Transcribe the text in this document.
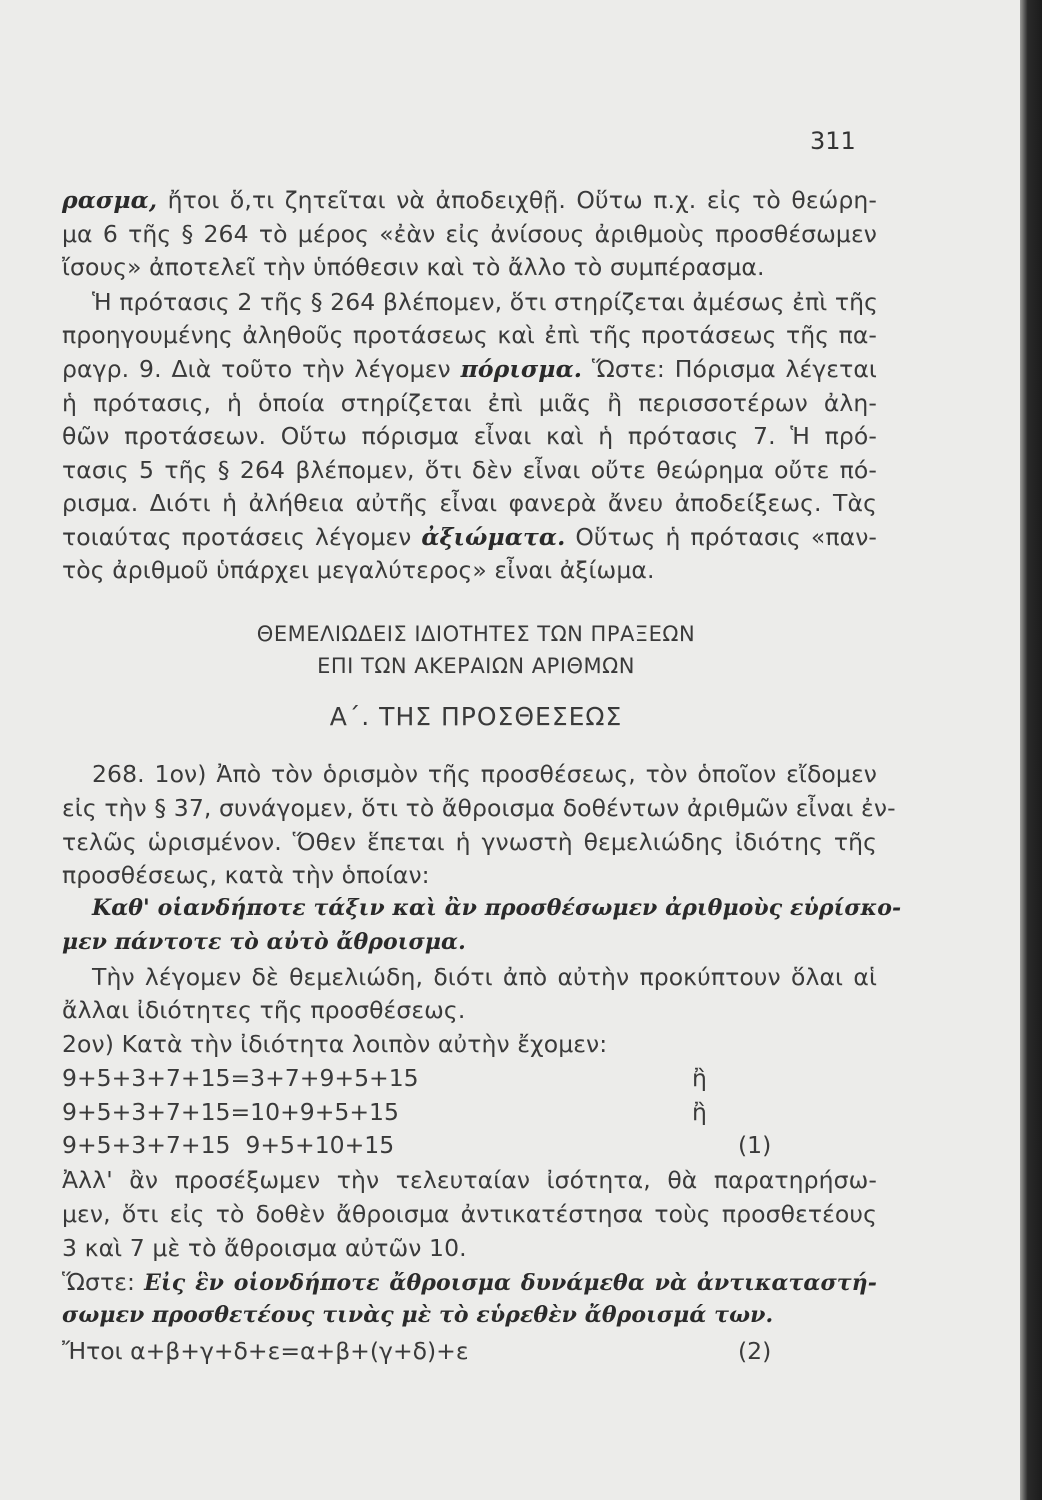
311
ρασμα, ἤτοι ὅ,τι ζητεῖται νὰ ἀποδειχθῇ. Οὕτω π.χ. εἰς τὸ θεώρη-
μα 6 τῆς § 264 τὸ μέρος «ἐὰν εἰς ἀνίσους ἀριθμοὺς προσθέσωμεν
ἴσους» ἀποτελεῖ τὴν ὑπόθεσιν καὶ τὸ ἄλλο τὸ συμπέρασμα.
Ἡ πρότασις 2 τῆς § 264 βλέπομεν, ὅτι στηρίζεται ἀμέσως ἐπὶ τῆς
προηγουμένης ἀληθοῦς προτάσεως καὶ ἐπὶ τῆς προτάσεως τῆς πα-
ραγρ. 9. Διὰ τοῦτο τὴν λέγομεν πόρισμα. Ὥστε: Πόρισμα λέγεται
ἡ πρότασις, ἡ ὁποία στηρίζεται ἐπὶ μιᾶς ἢ περισσοτέρων ἀλη-
θῶν προτάσεων. Οὕτω πόρισμα εἶναι καὶ ἡ πρότασις 7. Ἡ πρό-
τασις 5 τῆς § 264 βλέπομεν, ὅτι δὲν εἶναι οὔτε θεώρημα οὔτε πό-
ρισμα. Διότι ἡ ἀλήθεια αὐτῆς εἶναι φανερὰ ἄνευ ἀποδείξεως. Τὰς
τοιαύτας προτάσεις λέγομεν ἀξιώματα. Οὕτως ἡ πρότασις «παν-
τὸς ἀριθμοῦ ὑπάρχει μεγαλύτερος» εἶναι ἀξίωμα.
ΘΕΜΕΛΙΩΔΕΙΣ ΙΔΙΟΤΗΤΕΣ ΤΩΝ ΠΡΑΞΕΩΝ
ΕΠΙ ΤΩΝ ΑΚΕΡΑΙΩΝ ΑΡΙΘΜΩΝ
Α΄. ΤΗΣ ΠΡΟΣΘΕΣΕΩΣ
268. 1ον) Ἀπὸ τὸν ὁρισμὸν τῆς προσθέσεως, τὸν ὁποῖον εἴδομεν
εἰς τὴν § 37, συνάγομεν, ὅτι τὸ ἄθροισμα δοθέντων ἀριθμῶν εἶναι ἐν-
τελῶς ὡρισμένον. Ὅθεν ἕπεται ἡ γνωστὴ θεμελιώδης ἰδιότης τῆς
προσθέσεως, κατὰ τὴν ὁποίαν:
Καθ' οἱανδήποτε τάξιν καὶ ἂν προσθέσωμεν ἀριθμοὺς εὑρίσκο-
μεν πάντοτε τὸ αὐτὸ ἄθροισμα.
Τὴν λέγομεν δὲ θεμελιώδη, διότι ἀπὸ αὐτὴν προκύπτουν ὅλαι αἱ
ἄλλαι ἰδιότητες τῆς προσθέσεως.
2ον) Κατὰ τὴν ἰδιότητα λοιπὸν αὐτὴν ἔχομεν:
9+5+3+7+15=3+7+9+5+15	ἢ
9+5+3+7+15=10+9+5+15	ἢ
9+5+3+7+15  9+5+10+15	(1)
Ἀλλ' ἂν προσέξωμεν τὴν τελευταίαν ἰσότητα, θὰ παρατηρήσω-
μεν, ὅτι εἰς τὸ δοθὲν ἄθροισμα ἀντικατέστησα τοὺς προσθετέους
3 καὶ 7 μὲ τὸ ἄθροισμα αὐτῶν 10.
Ὥστε: Εἰς ἓν οἱονδήποτε ἄθροισμα δυνάμεθα νὰ ἀντικαταστή-
σωμεν προσθετέους τινὰς μὲ τὸ εὑρεθὲν ἄθροισμά των.
Ἤτοι α+β+γ+δ+ε=α+β+(γ+δ)+ε	(2)
